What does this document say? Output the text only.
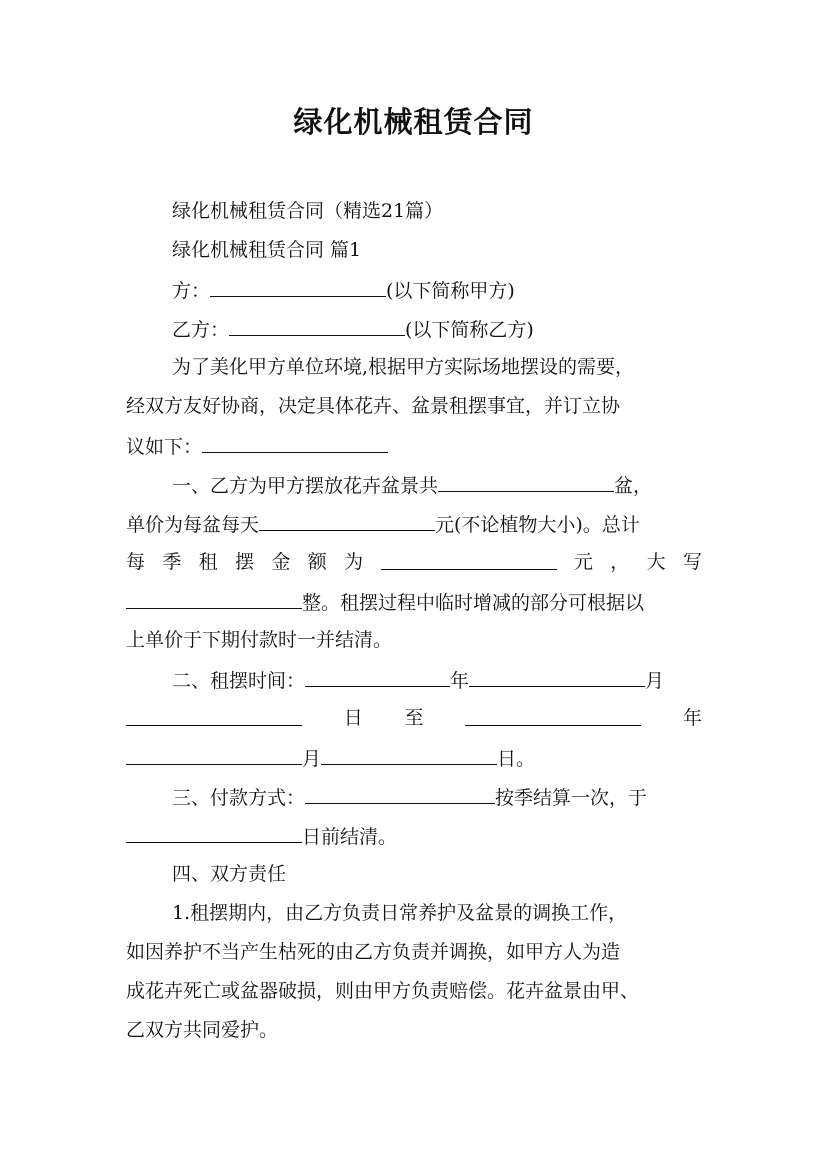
绿化机械租赁合同
绿化机械租赁合同（精选21篇）
绿化机械租赁合同 篇1
方：	(以下简称甲方)
乙方：	(以下简称乙方)
为了美化甲方单位环境,根据甲方实际场地摆设的需要，
经双方友好协商，决定具体花卉、盆景租摆事宜，并订立协
议如下：
一、乙方为甲方摆放花卉盆景共	盆，
单价为每盆每天	元(不论植物大小)。总计
每 季 租 摆 金 额 为	元 ， 大 写
整。租摆过程中临时增减的部分可根据以
上单价于下期付款时一并结清。
二、租摆时间：	年	月
日 至	年
月	日。
三、付款方式：	按季结算一次，于
日前结清。
四、双方责任
1.租摆期内，由乙方负责日常养护及盆景的调换工作，
如因养护不当产生枯死的由乙方负责并调换，如甲方人为造
成花卉死亡或盆器破损，则由甲方负责赔偿。花卉盆景由甲、
乙双方共同爱护。
